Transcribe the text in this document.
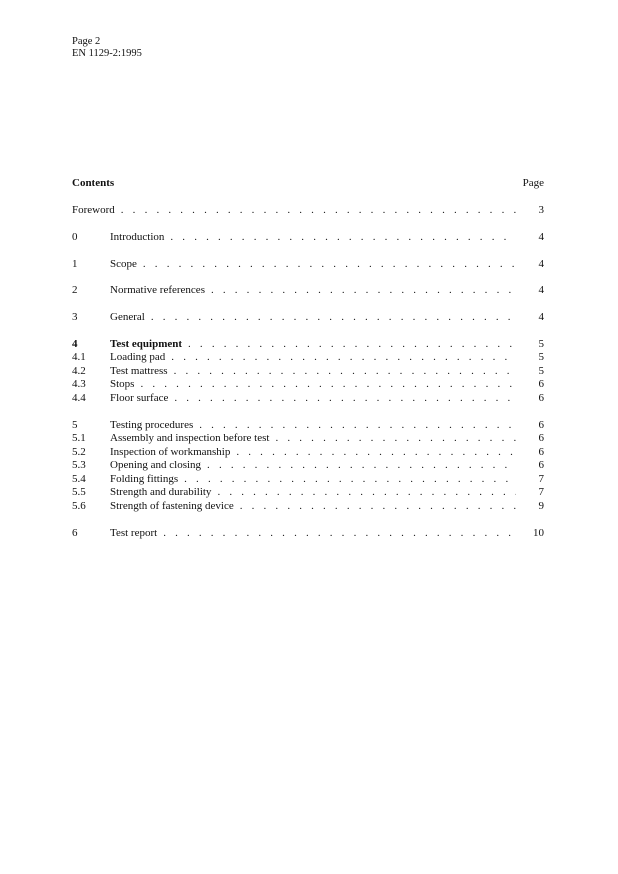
Page 2
EN 1129-2:1995
Contents	Page
Foreword . . .	3
0	Introduction . . .	4
1	Scope . . .	4
2	Normative references . . .	4
3	General . . .	4
4	Test equipment . . .	5
4.1	Loading pad . . .	5
4.2	Test mattress . . .	5
4.3	Stops . . .	6
4.4	Floor surface . . .	6
5	Testing procedures . . .	6
5.1	Assembly and inspection before test . . .	6
5.2	Inspection of workmanship . . .	6
5.3	Opening and closing . . .	6
5.4	Folding fittings . . .	7
5.5	Strength and durability . . .	7
5.6	Strength of fastening device . . .	9
6	Test report . . .	10
